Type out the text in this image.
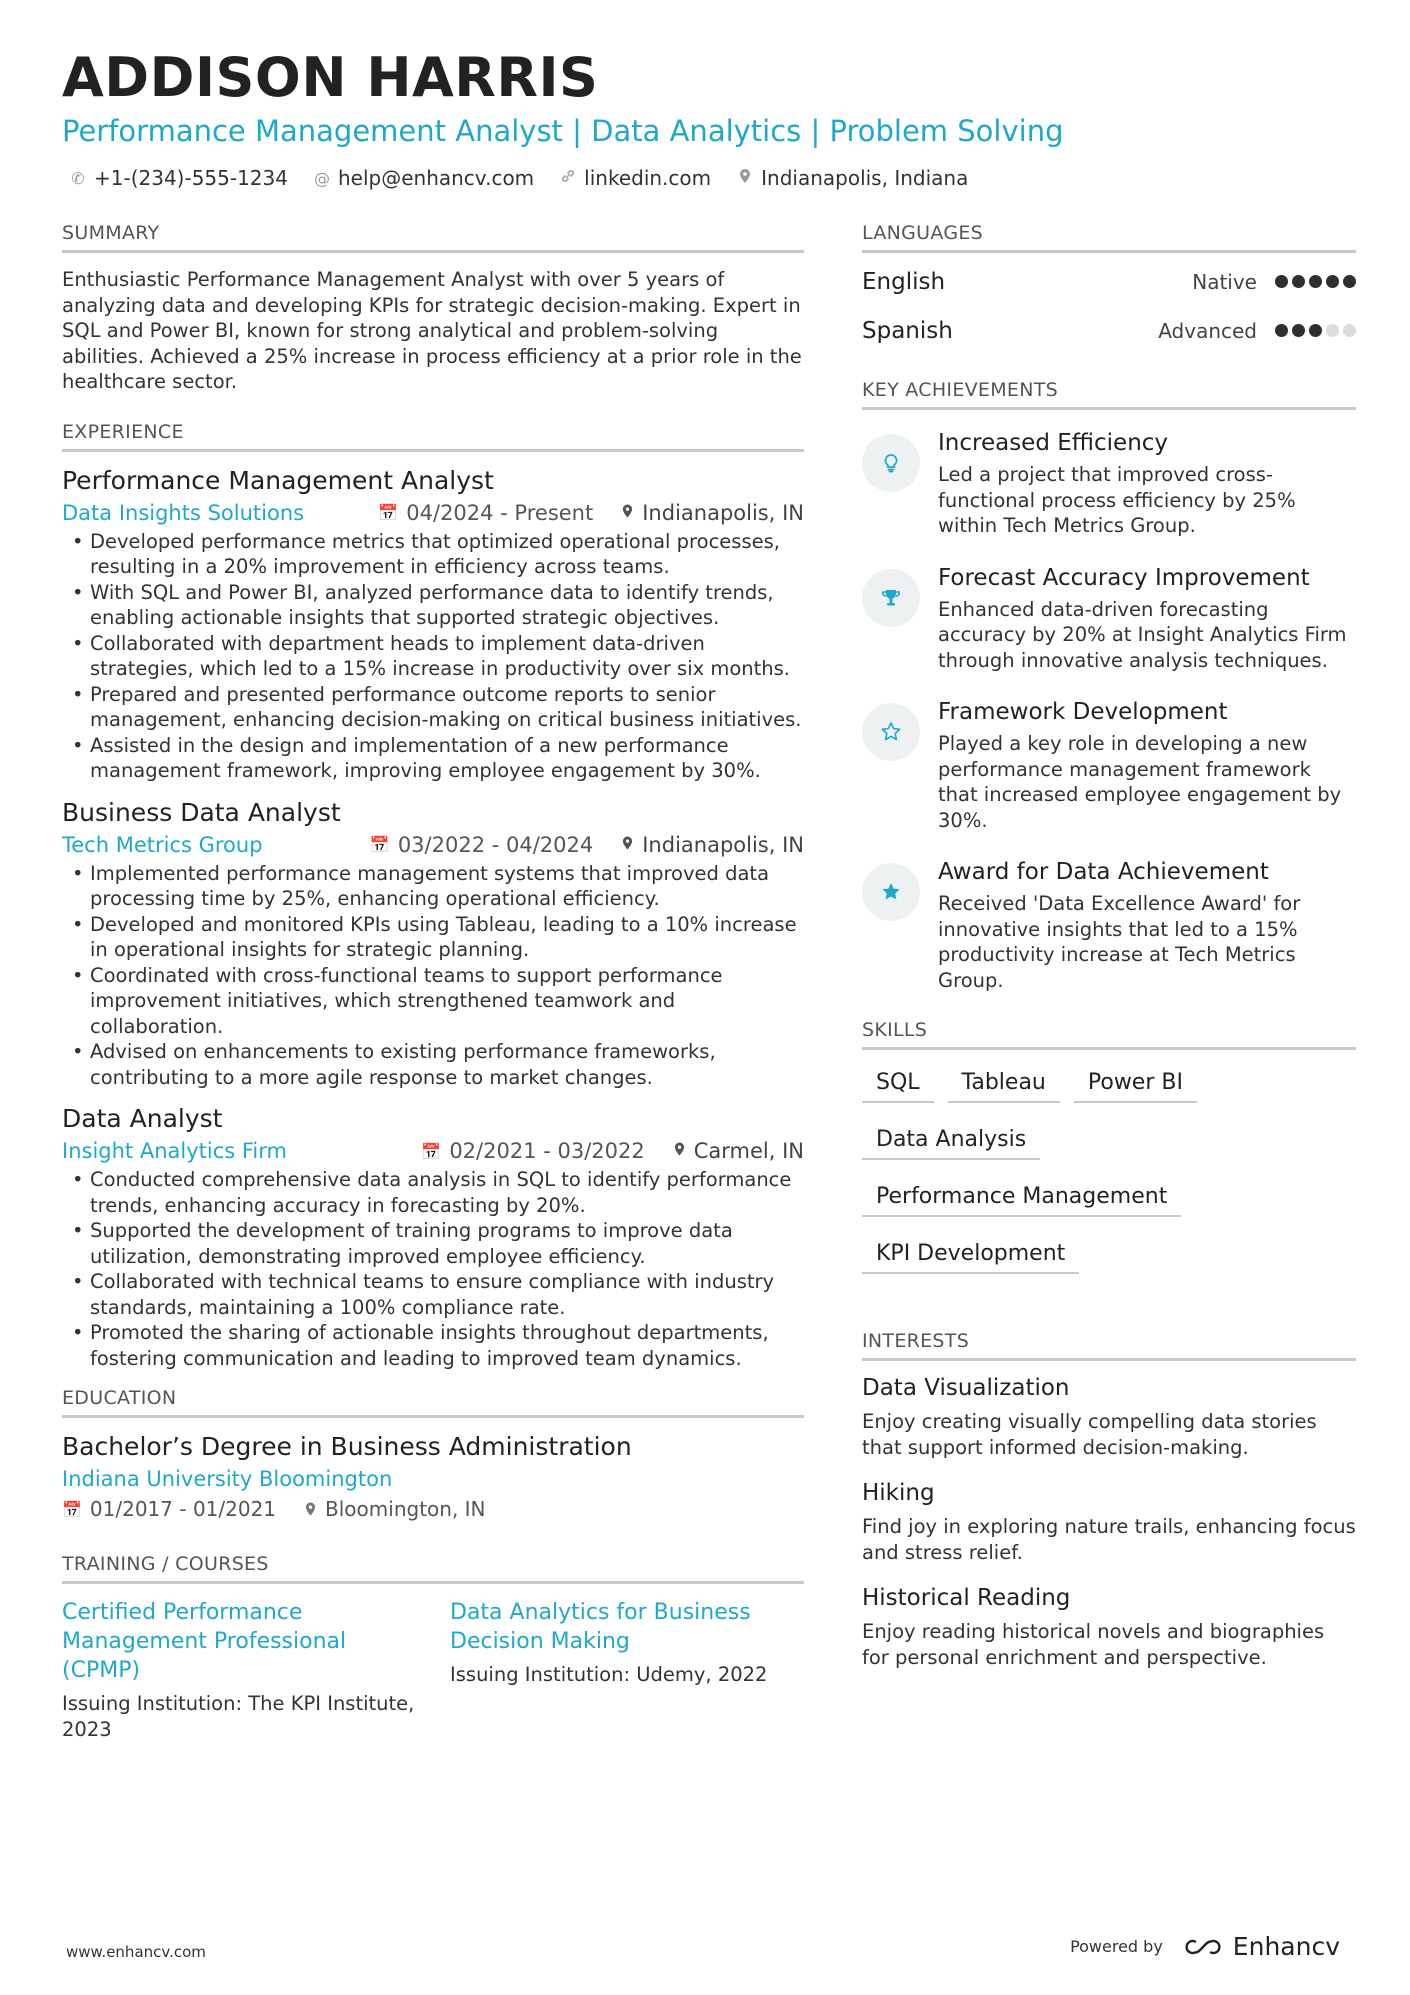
ADDISON HARRIS
Performance Management Analyst | Data Analytics | Problem Solving
✆ +1-(234)-555-1234 @ help@enhancv.com	linkedin.com	Indianapolis, Indiana
SUMMARY
Enthusiastic Performance Management Analyst with over 5 years of analyzing data and developing KPIs for strategic decision-making. Expert in SQL and Power BI, known for strong analytical and problem-solving abilities. Achieved a 25% increase in process efficiency at a prior role in the healthcare sector.
EXPERIENCE
Performance Management Analyst
Data Insights Solutions	📅 04/2024 - Present Indianapolis, IN
• Developed performance metrics that optimized operational processes, resulting in a 20% improvement in efficiency across teams.
• With SQL and Power BI, analyzed performance data to identify trends, enabling actionable insights that supported strategic objectives.
• Collaborated with department heads to implement data-driven strategies, which led to a 15% increase in productivity over six months.
• Prepared and presented performance outcome reports to senior management, enhancing decision-making on critical business initiatives.
• Assisted in the design and implementation of a new performance management framework, improving employee engagement by 30%.
Business Data Analyst
Tech Metrics Group	📅 03/2022 - 04/2024 Indianapolis, IN
• Implemented performance management systems that improved data processing time by 25%, enhancing operational efficiency.
• Developed and monitored KPIs using Tableau, leading to a 10% increase in operational insights for strategic planning.
• Coordinated with cross-functional teams to support performance improvement initiatives, which strengthened teamwork and collaboration.
• Advised on enhancements to existing performance frameworks, contributing to a more agile response to market changes.
Data Analyst
Insight Analytics Firm	📅 02/2021 - 03/2022 Carmel, IN
• Conducted comprehensive data analysis in SQL to identify performance trends, enhancing accuracy in forecasting by 20%.
• Supported the development of training programs to improve data utilization, demonstrating improved employee efficiency.
• Collaborated with technical teams to ensure compliance with industry standards, maintaining a 100% compliance rate.
• Promoted the sharing of actionable insights throughout departments, fostering communication and leading to improved team dynamics.
EDUCATION
Bachelor’s Degree in Business Administration
Indiana University Bloomington
📅 01/2017 - 01/2021 Bloomington, IN
TRAINING / COURSES
Certified Performance Management Professional (CPMP)
Issuing Institution: The KPI Institute, 2023
Data Analytics for Business Decision Making
Issuing Institution: Udemy, 2022
LANGUAGES
English	Native
Spanish	Advanced
KEY ACHIEVEMENTS
Increased Efficiency
Led a project that improved cross-functional process efficiency by 25% within Tech Metrics Group.
Forecast Accuracy Improvement
Enhanced data-driven forecasting accuracy by 20% at Insight Analytics Firm through innovative analysis techniques.
Framework Development
Played a key role in developing a new performance management framework that increased employee engagement by 30%.
Award for Data Achievement
Received 'Data Excellence Award' for innovative insights that led to a 15% productivity increase at Tech Metrics Group.
SKILLS
SQL	Tableau	Power BI
Data Analysis
Performance Management
KPI Development
INTERESTS
Data Visualization
Enjoy creating visually compelling data stories that support informed decision-making.
Hiking
Find joy in exploring nature trails, enhancing focus and stress relief.
Historical Reading
Enjoy reading historical novels and biographies for personal enrichment and perspective.
www.enhancv.com	Powered by	Enhancv
